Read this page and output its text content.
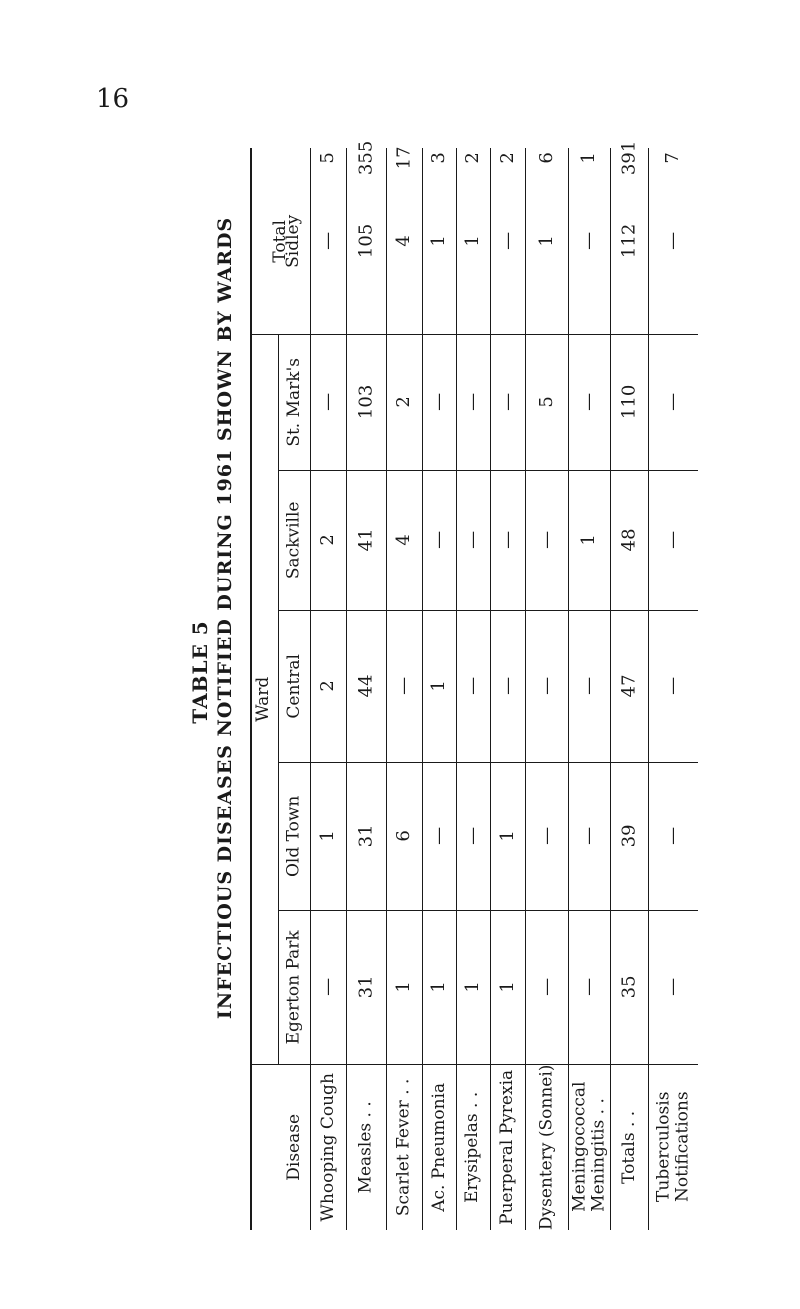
16
TABLE 5 INFECTIOUS DISEASES NOTIFIED DURING 1961 SHOWN BY WARDS
Disease
Ward
Egerton Park
Old Town
Central
Sackville
St. Mark's
Sidley
Total
Whooping Cough
—
1
2
2
—
—
5
Measles . .
31
31
44
41
103
105
355
Scarlet Fever . .
1
6
—
4
2
4
17
Ac. Pneumonia
1
—
1
—
—
1
3
Erysipelas . .
1
—
—
—
—
1
2
Puerperal Pyrexia
1
1
—
—
—
—
2
Dysentery (Sonnei)
—
—
—
—
5
1
6
Meningococcal
Meningitis . .
—
—
—
1
—
—
1
Totals . .
35
39
47
48
110
112
391
Tuberculosis
Notifications
—
—
—
—
—
—
7
